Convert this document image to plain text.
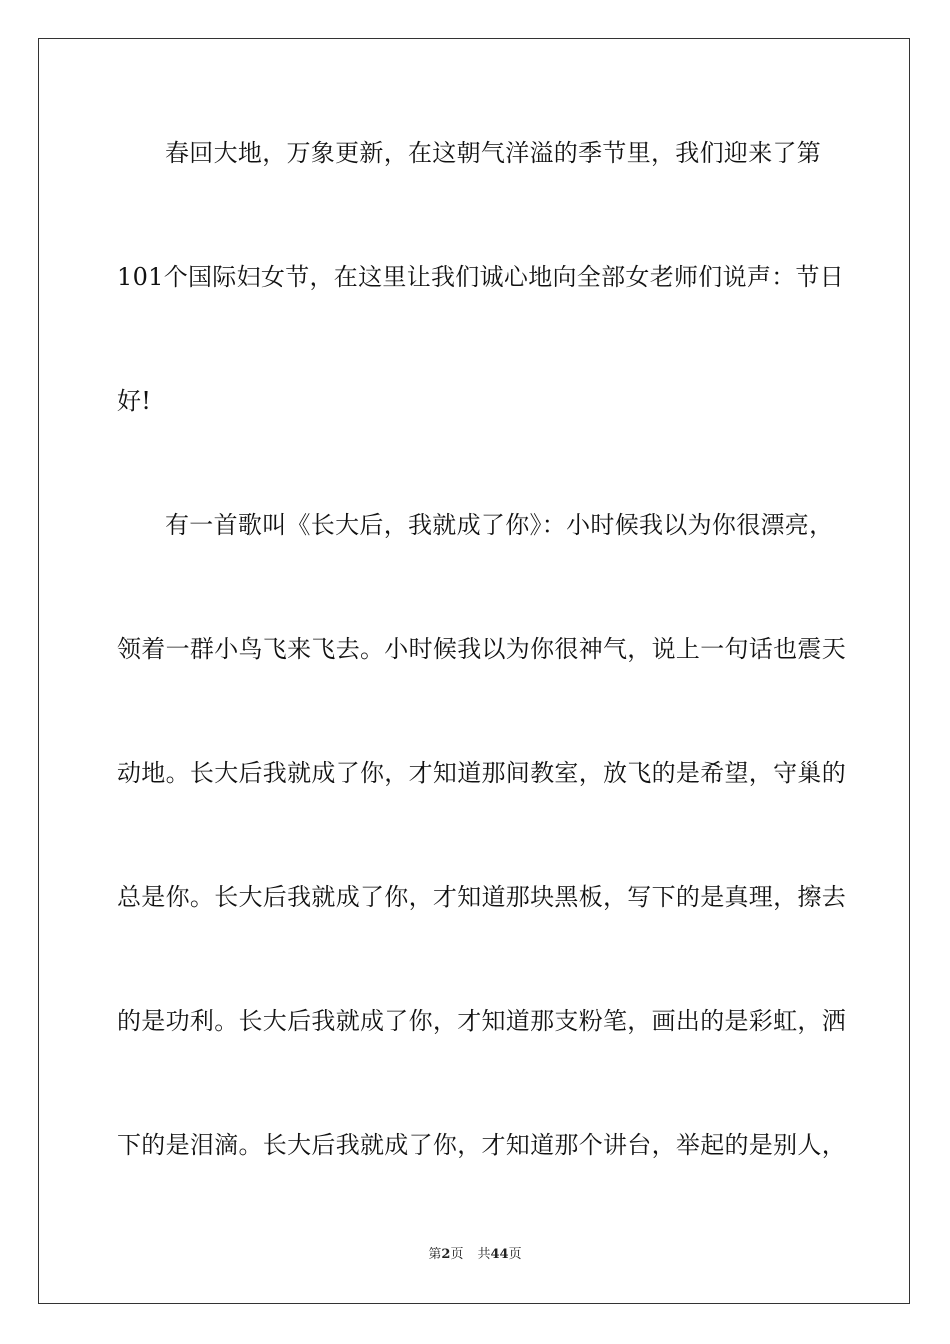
春回大地，万象更新，在这朝气洋溢的季节里，我们迎来了第
101个国际妇女节，在这里让我们诚心地向全部女老师们说声：节日
好!
有一首歌叫《长大后，我就成了你》：小时候我以为你很漂亮，
领着一群小鸟飞来飞去。小时候我以为你很神气，说上一句话也震天
动地。长大后我就成了你，才知道那间教室，放飞的是希望，守巢的
总是你。长大后我就成了你，才知道那块黑板，写下的是真理，擦去
的是功利。长大后我就成了你，才知道那支粉笔，画出的是彩虹，洒
下的是泪滴。长大后我就成了你，才知道那个讲台，举起的是别人，
第2页 共44页
